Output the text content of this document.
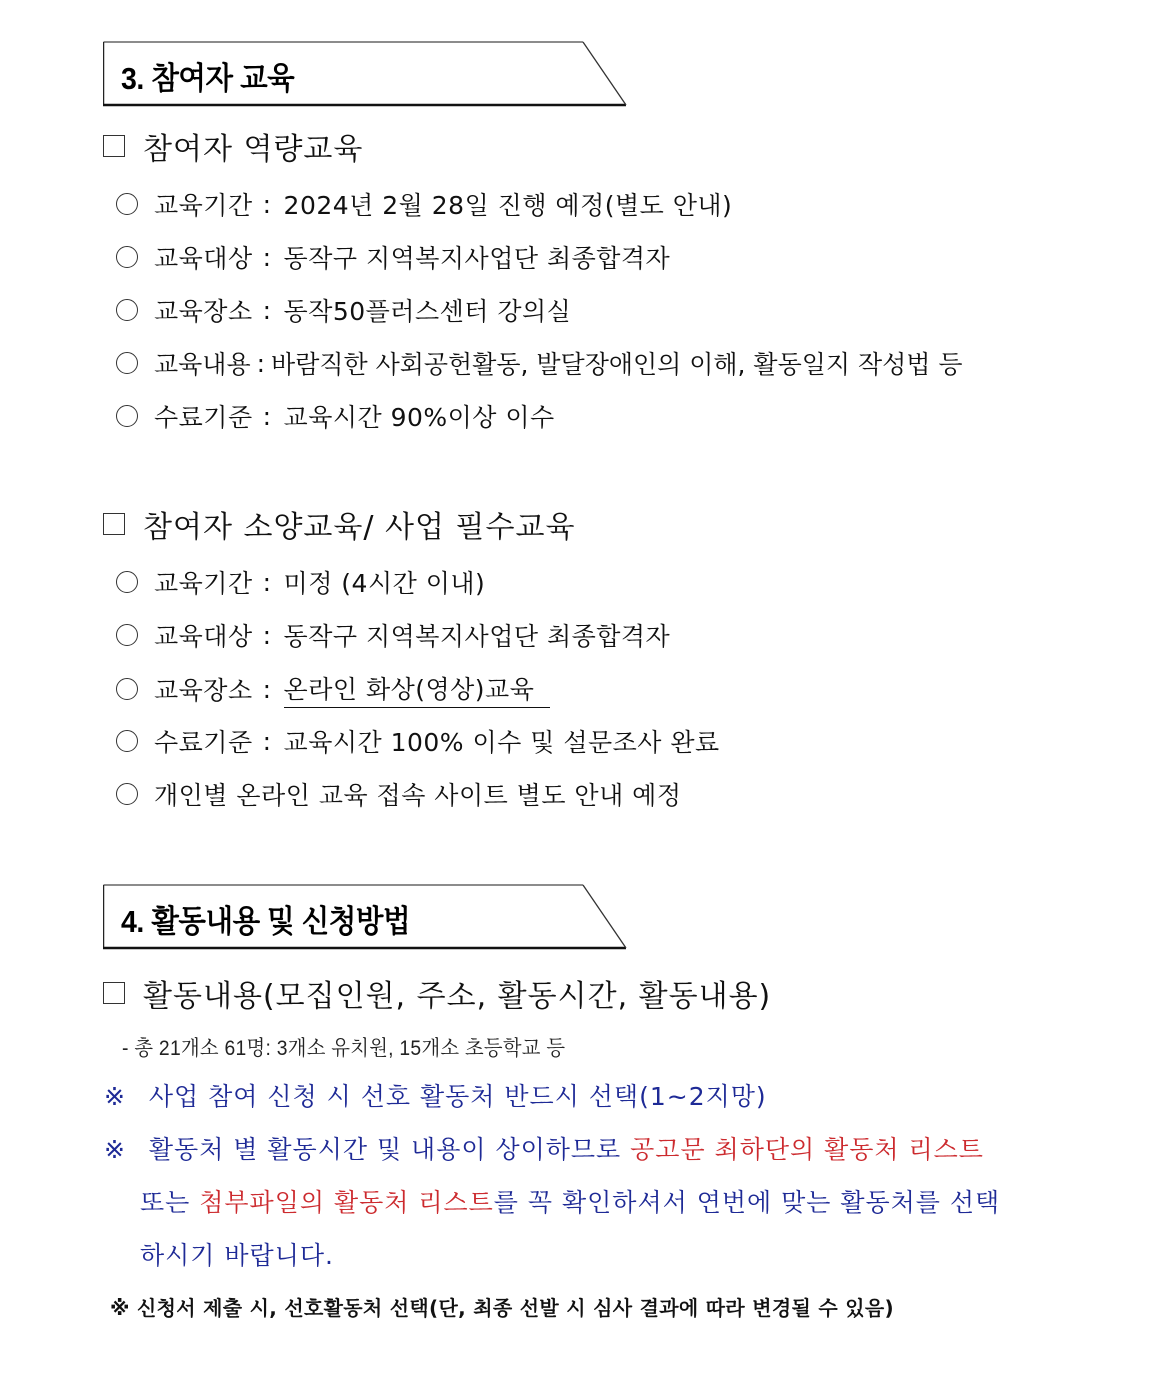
3. 참여자 교육
참여자 역량교육
교육기간 : 2024년 2월 28일 진행 예정(별도 안내)
교육대상 : 동작구 지역복지사업단 최종합격자
교육장소 : 동작50플러스센터 강의실
교육내용 : 바람직한 사회공헌활동, 발달장애인의 이해, 활동일지 작성법 등
수료기준 : 교육시간 90%이상 이수
참여자 소양교육/ 사업 필수교육
교육기간 : 미정 (4시간 이내)
교육대상 : 동작구 지역복지사업단 최종합격자
교육장소 : 온라인 화상(영상)교육
수료기준 : 교육시간 100% 이수 및 설문조사 완료
개인별 온라인 교육 접속 사이트 별도 안내 예정
4. 활동내용 및 신청방법
활동내용(모집인원, 주소, 활동시간, 활동내용)
- 총 21개소 61명: 3개소 유치원, 15개소 초등학교 등
※ 사업 참여 신청 시 선호 활동처 반드시 선택(1~2지망)
※ 활동처 별 활동시간 및 내용이 상이하므로 공고문 최하단의 활동처 리스트
또는 첨부파일의 활동처 리스트를 꼭 확인하셔서 연번에 맞는 활동처를 선택
하시기 바랍니다.
※ 신청서 제출 시, 선호활동처 선택(단, 최종 선발 시 심사 결과에 따라 변경될 수 있음)
